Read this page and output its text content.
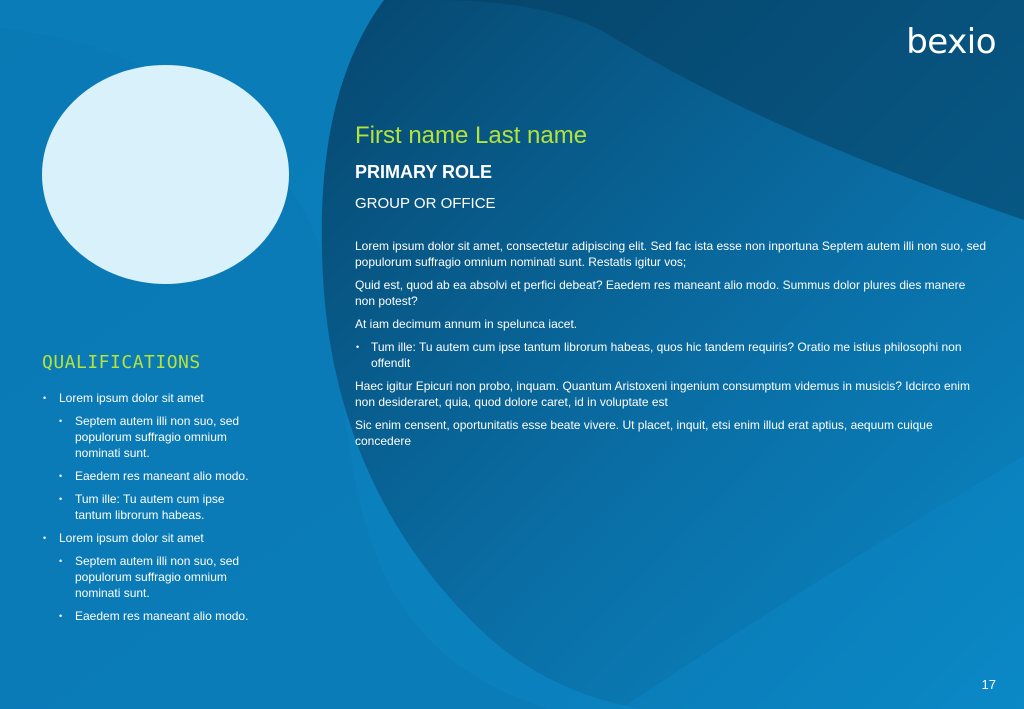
bexio
QUALIFICATIONS
• Lorem ipsum dolor sit amet
• Septem autem illi non suo, sed populorum suffragio omnium nominati sunt.
• Eaedem res maneant alio modo.
• Tum ille: Tu autem cum ipse tantum librorum habeas.
• Lorem ipsum dolor sit amet
• Septem autem illi non suo, sed populorum suffragio omnium nominati sunt.
• Eaedem res maneant alio modo.
First name Last name
PRIMARY ROLE
GROUP OR OFFICE

Lorem ipsum dolor sit amet, consectetur adipiscing elit. Sed fac ista esse non inportuna Septem autem illi non suo, sed populorum suffragio omnium nominati sunt. Restatis igitur vos;

Quid est, quod ab ea absolvi et perfici debeat? Eaedem res maneant alio modo. Summus dolor plures dies manere non potest?

At iam decimum annum in spelunca iacet.

• Tum ille: Tu autem cum ipse tantum librorum habeas, quos hic tandem requiris? Oratio me istius philosophi non offendit

Haec igitur Epicuri non probo, inquam. Quantum Aristoxeni ingenium consumptum videmus in musicis? Idcirco enim non desideraret, quia, quod dolore caret, id in voluptate est

Sic enim censent, oportunitatis esse beate vivere. Ut placet, inquit, etsi enim illud erat aptius, aequum cuique concedere

17
